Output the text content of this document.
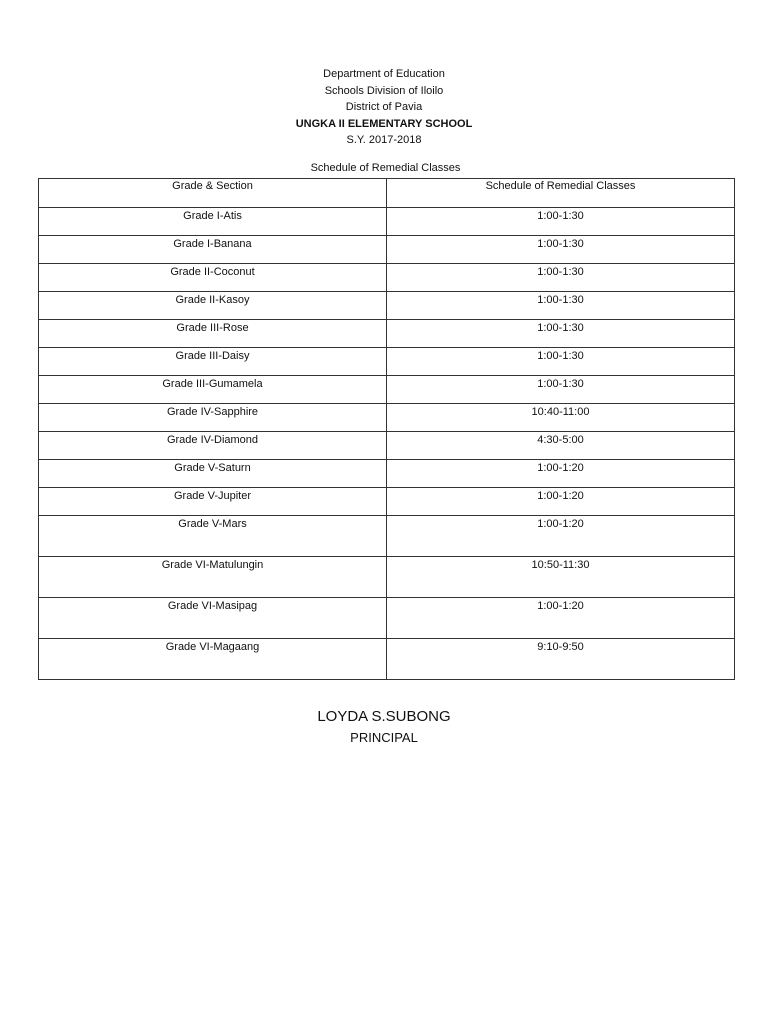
Department of Education
Schools Division of Iloilo
District of Pavia
UNGKA II ELEMENTARY SCHOOL
S.Y. 2017-2018
Schedule of Remedial Classes
Grade & Section	Schedule of Remedial Classes
Grade I-Atis	1:00-1:30
Grade I-Banana	1:00-1:30
Grade II-Coconut	1:00-1:30
Grade II-Kasoy	1:00-1:30
Grade III-Rose	1:00-1:30
Grade III-Daisy	1:00-1:30
Grade III-Gumamela	1:00-1:30
Grade IV-Sapphire	10:40-11:00
Grade IV-Diamond	4:30-5:00
Grade V-Saturn	1:00-1:20
Grade V-Jupiter	1:00-1:20
Grade V-Mars	1:00-1:20
Grade VI-Matulungin	10:50-11:30
Grade VI-Masipag	1:00-1:20
Grade VI-Magaang	9:10-9:50
LOYDA S.SUBONG
PRINCIPAL
